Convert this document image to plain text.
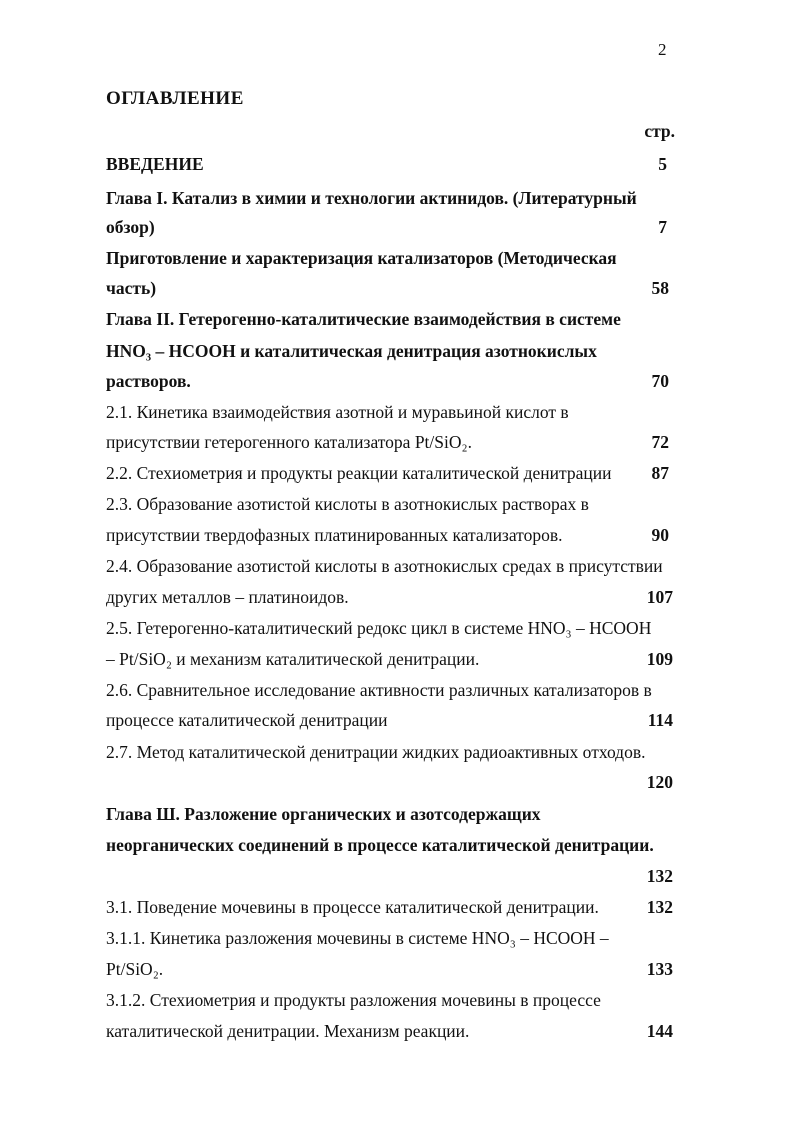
2
ОГЛАВЛЕНИЕ
стр.
ВВЕДЕНИЕ	5
Глава I. Катализ в химии и технологии актинидов. (Литературный
обзор)	7
Приготовление и характеризация катализаторов (Методическая
часть)	58
Глава II. Гетерогенно-каталитические взаимодействия в системе
HNO₃ – HCOOH и каталитическая денитрация азотнокислых
растворов.	70
2.1. Кинетика взаимодействия азотной и муравьиной кислот в
присутствии гетерогенного катализатора Pt/SiO₂.	72
2.2. Стехиометрия и продукты реакции каталитической денитрации	87
2.3. Образование азотистой кислоты в азотнокислых растворах в
присутствии твердофазных платинированных катализаторов.	90
2.4. Образование азотистой кислоты в азотнокислых средах в присутствии
других металлов – платиноидов.	107
2.5. Гетерогенно-каталитический редокс цикл в системе HNO₃ – HCOOH
– Pt/SiO₂ и механизм каталитической денитрации.	109
2.6. Сравнительное исследование активности различных катализаторов в
процессе каталитической денитрации	114
2.7. Метод каталитической денитрации жидких радиоактивных отходов.
120
Глава Ш. Разложение органических и азотсодержащих
неорганических соединений в процессе каталитической денитрации.
132
3.1. Поведение мочевины в процессе каталитической денитрации.	132
3.1.1. Кинетика разложения мочевины в системе HNO₃ – HCOOH –
Pt/SiO₂.	133
3.1.2. Стехиометрия и продукты разложения мочевины в процессе
каталитической денитрации. Механизм реакции.	144
